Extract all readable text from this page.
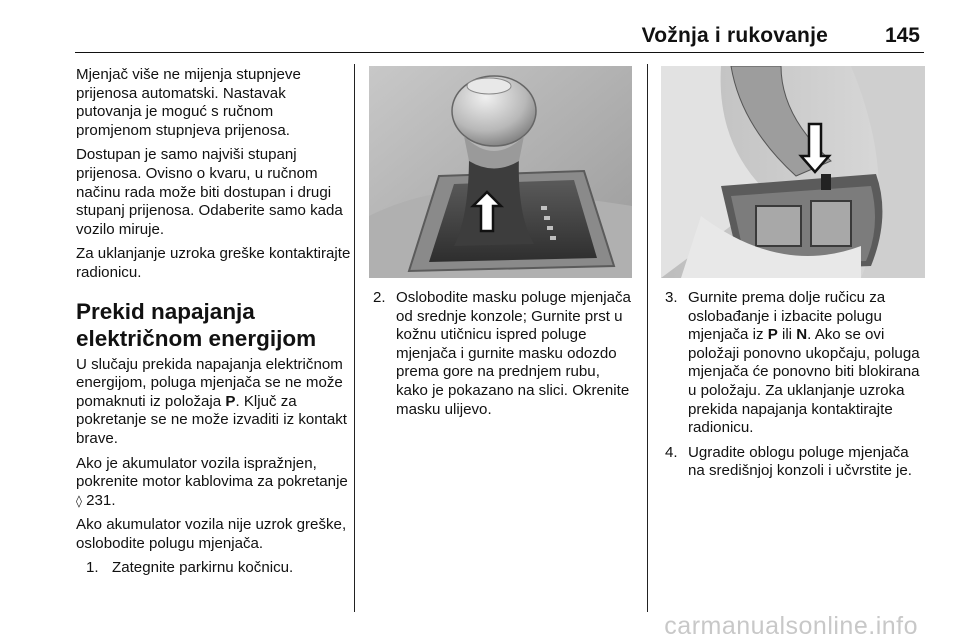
Vožnja i rukovanje	145

Mjenjač više ne mijenja stupnjeve prijenosa automatski. Nastavak putovanja je moguć s ručnom promjenom stupnjeva prijenosa.

Dostupan je samo najviši stupanj prijenosa. Ovisno o kvaru, u ručnom načinu rada može biti dostupan i drugi stupanj prijenosa. Odaberite samo kada vozilo miruje.

Za uklanjanje uzroka greške kontaktirajte radionicu.

Prekid napajanja električnom energijom

U slučaju prekida napajanja električnom energijom, poluga mjenjača se ne može pomaknuti iz položaja P. Ključ za pokretanje se ne može izvaditi iz kontakt brave.

Ako je akumulator vozila ispražnjen, pokrenite motor kablovima za pokretanje ◊ 231.

Ako akumulator vozila nije uzrok greške, oslobodite polugu mjenjača.

1. Zategnite parkirnu kočnicu.
2. Oslobodite masku poluge mjenjača od srednje konzole; Gurnite prst u kožnu utičnicu ispred poluge mjenjača i gurnite masku odozdo prema gore na prednjem rubu, kako je pokazano na slici. Okrenite masku ulijevo.
3. Gurnite prema dolje ručicu za oslobađanje i izbacite polugu mjenjača iz P ili N. Ako se ovi položaji ponovno ukopčaju, poluga mjenjača će ponovno biti blokirana u položaju. Za uklanjanje uzroka prekida napajanja kontaktirajte radionicu.
4. Ugradite oblogu poluge mjenjača na središnjoj konzoli i učvrstite je.
carmanualsonline.info
